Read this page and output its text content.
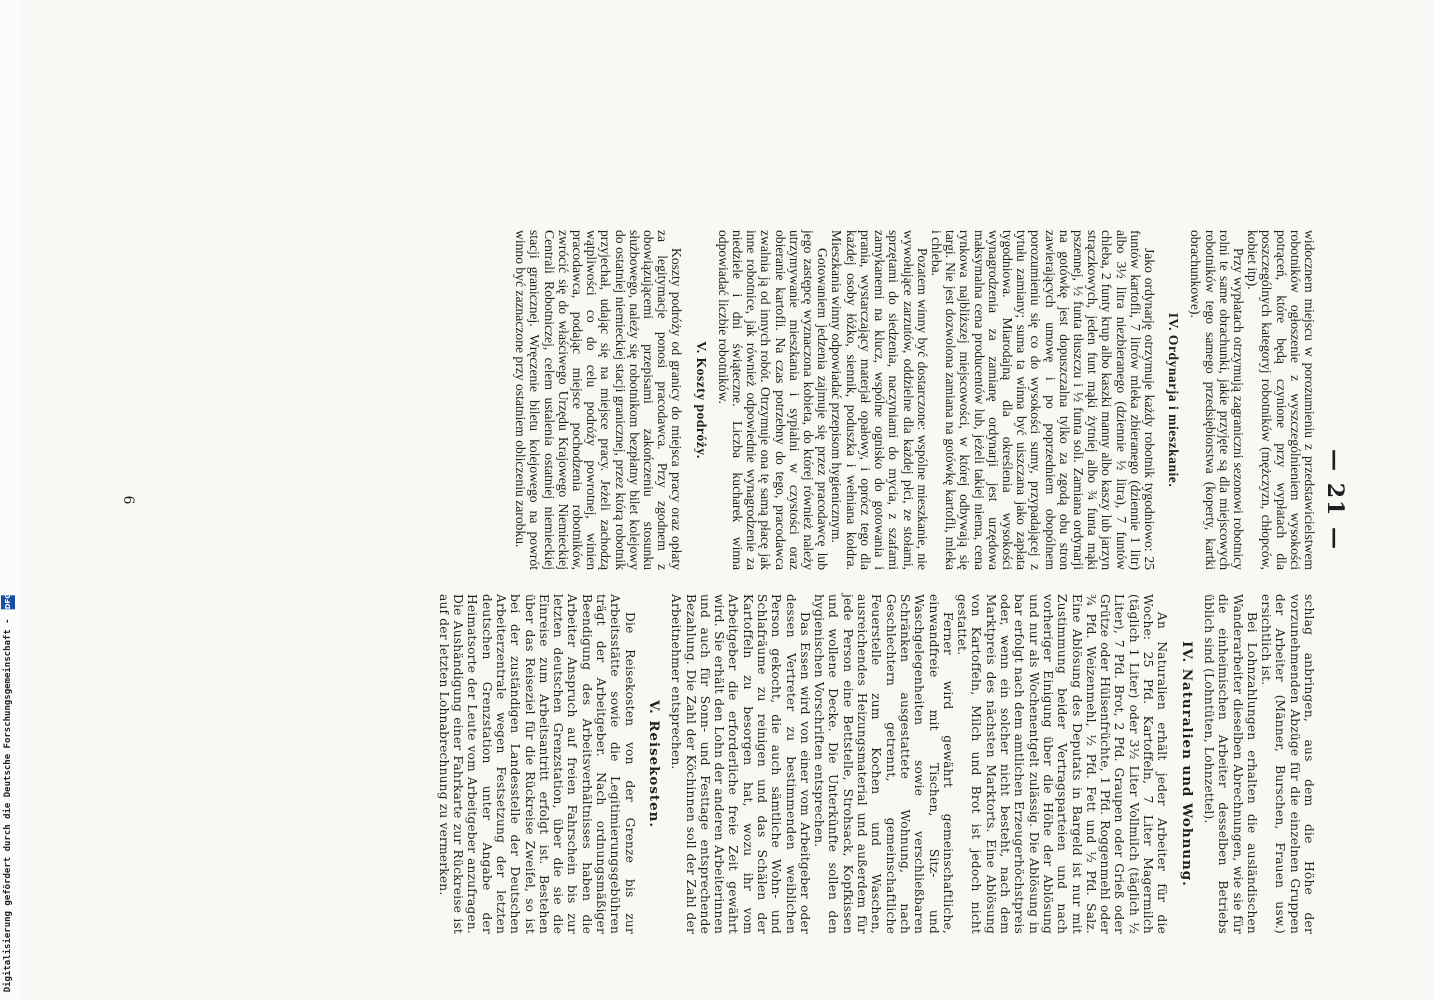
— 21 —

widocznem miejscu w porozumieniu z przedstawicielstwem robotników ogłoszenie z wyszczególnieniem wysokości potrąceń, które będą czynione przy wypłatach dla poszczególnych kategoryj robotników (mężczyzn, chłopców, kobiet itp).

Przy wypłatach otrzymują zagraniczni sezonowi robotnicy rolni te same obrachunki, jakie przyjęte są dla miejscowych robotników tego samego przedsiębiorstwa (koperty, kartki obrachunkowe).

IV. Ordynarja i mieszkanie.

Jako ordynarję otrzymuje każdy robotnik tygodniowo: 25 funtów kartofli, 7 litrów mleka zbieranego (dziennie 1 litr) albo 3½ litra niezbieranego (dziennie ½ litra), 7 funtów chleba, 2 funty krup albo kaszki manny albo kaszy lub jarzyn strączkowych, jeden funt mąki żytniej albo ¾ funta mąki pszennej, ½ funta tłuszczu i ½ funta soli. Zamiana ordynarji na gotówkę jest dopuszczalna tylko za zgodą obu stron zawierających umowę i po poprzedniem obopólnem porozumieniu się co do wysokości sumy, przypadającej z tytułu zamiany; suma ta winna być uiszczana jako zapłata tygodniowa. Miarodajną dla określenia wysokości wynagrodzenia za zamianę ordynarji jest urzędowa maksymalna cena producentów lub, jeżeli takiej niema, cena rynkowa najbliższej miejscowości, w której odbywają się targi. Nie jest dozwolona zamiana na gotówkę kartofli, mleka i chleba.

Pozatem winny być dostarczone: wspólne mieszkanie, nie wywołujące zarzutów, oddzielne dla każdej płci, ze stołami, sprzętami do siedzenia, naczyniami do mycia, z szafami zamykanemi na klucz, wspólne ognisko do gotowania i prania, wystarczający materjał opałowy, i oprócz tego dla każdej osoby łóżko, siennik, poduszka i wełniana kołdra. Mieszkania winny odpowiadać przepisom hygienicznym.

Gotowaniem jedzenia zajmuje się przez pracodawcę lub jego zastępcę wyznaczona kobieta, do której również należy utrzymywanie mieszkania i sypialni w czystości oraz obieranie kartofli. Na czas potrzebny do tego, pracodawca zwalnia ją od innych robót. Otrzymuje ona tę samą płacę jak inne robotnice, jak również odpowiednie wynagrodzenie za niedziele i dni świąteczne. Liczba kucharek winna odpowiadać liczbie robotników.

V. Koszty podróży.

Koszty podróży od granicy do miejsca pracy oraz opłaty za legitymacje ponosi pracodawca. Przy zgodnem z obowiązującemi przepisami zakończeniu stosunku służbowego, należy się robotnikom bezpłatny bilet kolejowy do ostatniej niemieckiej stacji granicznej, przez którą robotnik przyjechał, udając się na miejsce pracy. Jeżeli zachodzą wątpliwości co do celu podróży powrotnej, winien pracodawca, podając miejsce pochodzenia robotników, zwrócić się do właściwego Urzędu Krajowego Niemieckiej Centrali Robotniczej, celem ustalenia ostatniej niemieckiej stacji granicznej. Wręczenie biletu kolejowego na powrót winno być zaznaczone przy ostatniem obliczeniu zarobku.

schlag anbringen, aus dem die Höhe der vorzunehmenden Abzüge für die einzelnen Gruppen der Arbeiter (Männer, Burschen, Frauen usw.) ersichtlich ist.

Bei Lohnzahlungen erhalten die ausländischen Wanderarbeiter dieselben Abrechnungen, wie sie für die einheimischen Arbeiter desselben Betriebs üblich sind (Lohntüten, Lohnzettel).

IV. Naturalien und Wohnung.

An Naturalien erhält jeder Arbeiter für die Woche: 25 Pfd. Kartoffeln, 7 Liter Magermilch (täglich 1 Liter) oder 3½ Liter Vollmilch (täglich ½ Liter), 7 Pfd. Brot, 2 Pfd. Graupen oder Grieß oder Grütze oder Hülsenfrüchte, 1 Pfd. Roggenmehl oder ¾ Pfd. Weizenmehl, ½ Pfd. Fett und ½ Pfd. Salz. Eine Ablösung des Deputats in Bargeld ist nur mit Zustimmung beider Vertragsparteien und nach vorheriger Einigung über die Höhe der Ablösung und nur als Wochenentgelt zulässig. Die Ablösung in bar erfolgt nach dem amtlichen Erzeugerhöchstpreis oder, wenn ein solcher nicht besteht, nach dem Marktpreis des nächsten Marktorts. Eine Ablösung von Kartoffeln, Milch und Brot ist jedoch nicht gestattet.

Ferner wird gewährt gemeinschaftliche, einwandfreie mit Tischen, Sitz- und Waschgelegenheiten sowie verschließbaren Schränken ausgestattete Wohnung, nach Geschlechtern getrennt, gemeinschaftliche Feuerstelle zum Kochen und Waschen, ausreichendes Heizungsmaterial und außerdem für jede Person eine Bettstelle, Strohsack, Kopfkissen und wollene Decke. Die Unterkünfte sollen den hygienischen Vorschriften entsprechen.

Das Essen wird von einer vom Arbeitgeber oder dessen Vertreter zu bestimmenden weiblichen Person gekocht, die auch sämtliche Wohn- und Schlafräume zu reinigen und das Schälen der Kartoffeln zu besorgen hat, wozu ihr vom Arbeitgeber die erforderliche freie Zeit gewährt wird. Sie erhält den Lohn der anderen Arbeiterinnen und auch für Sonn- und Festtage entsprechende Bezahlung. Die Zahl der Köchinnen soll der Zahl der Arbeitnehmer entsprechen.

V. Reisekosten.

Die Reisekosten von der Grenze bis zur Arbeitsstätte sowie die Legitimierungsgebühren trägt der Arbeitgeber. Nach ordnungsmäßiger Beendigung des Arbeitsverhältnisses haben die Arbeiter Anspruch auf freien Fahrschein bis zur letzten deutschen Grenzstation, über die sie die Einreise zum Arbeitsantritt erfolgt ist. Bestehen über das Reiseziel für die Rückreise Zweifel, so ist bei der zuständigen Landesstelle der Deutschen Arbeiterzentrale wegen Festsetzung der letzten deutschen Grenzstation unter Angabe der Heimatsorte der Leute vom Arbeitgeber anzufragen. Die Aushändigung einer Fahrkarte zur Rückreise ist auf der letzten Lohnabrechnung zu vermerken.

6
Digitalisierung gefördert durch die Deutsche Forschungsgemeinschaft - DFG
